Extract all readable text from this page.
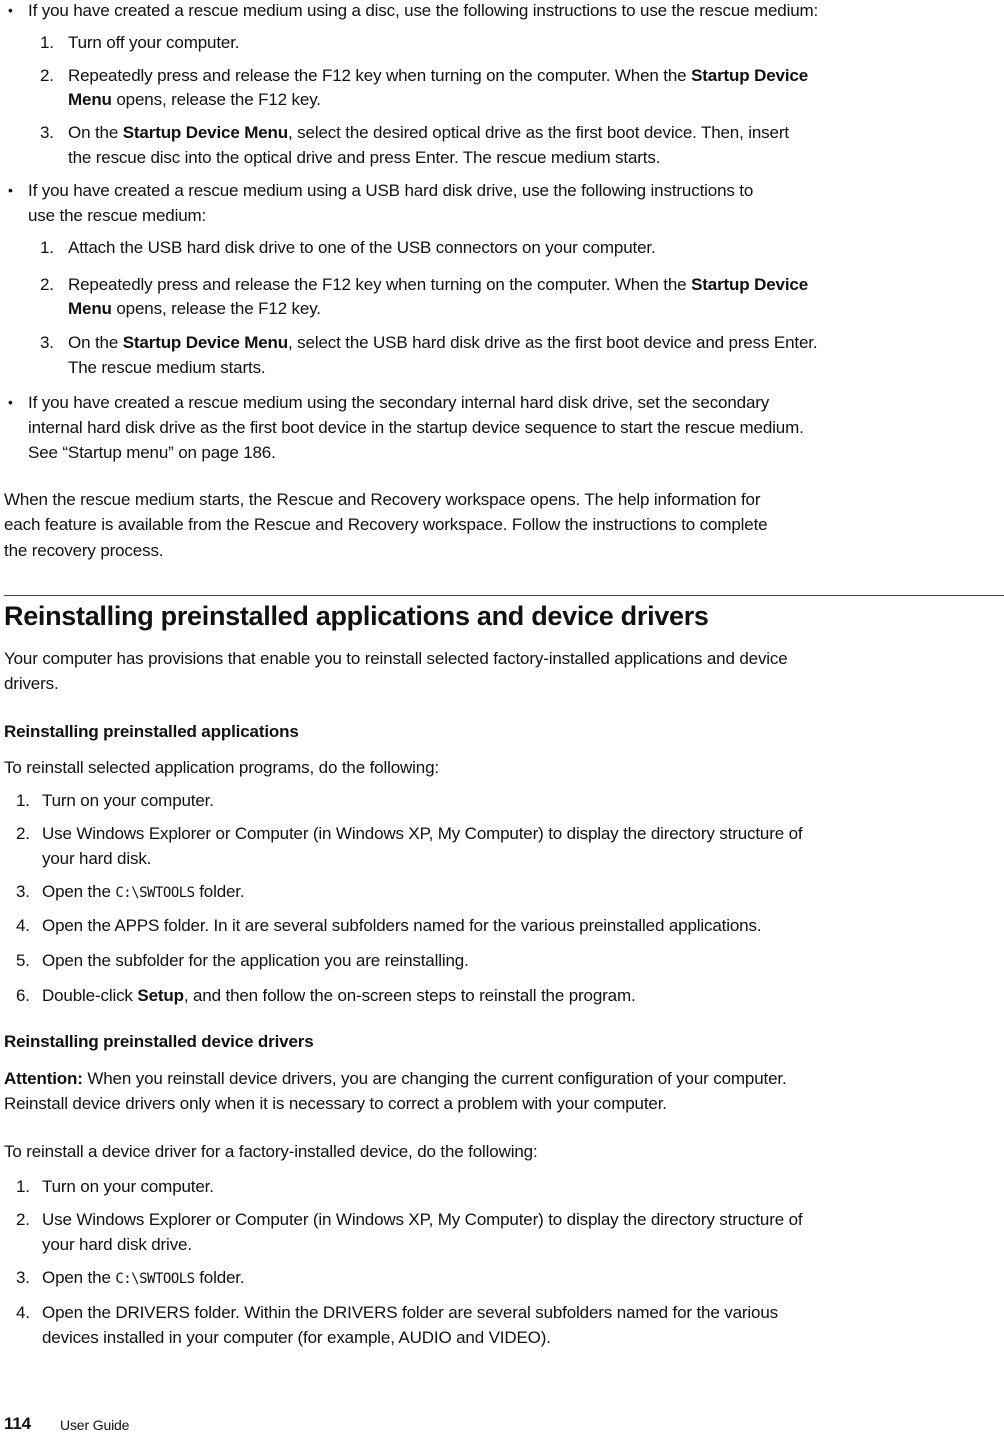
• If you have created a rescue medium using a disc, use the following instructions to use the rescue medium:
1. Turn off your computer.
2. Repeatedly press and release the F12 key when turning on the computer. When the Startup Device
Menu opens, release the F12 key.
3. On the Startup Device Menu, select the desired optical drive as the first boot device. Then, insert
the rescue disc into the optical drive and press Enter. The rescue medium starts.
• If you have created a rescue medium using a USB hard disk drive, use the following instructions to
use the rescue medium:
1. Attach the USB hard disk drive to one of the USB connectors on your computer.
2. Repeatedly press and release the F12 key when turning on the computer. When the Startup Device
Menu opens, release the F12 key.
3. On the Startup Device Menu, select the USB hard disk drive as the first boot device and press Enter.
The rescue medium starts.
• If you have created a rescue medium using the secondary internal hard disk drive, set the secondary
internal hard disk drive as the first boot device in the startup device sequence to start the rescue medium.
See “Startup menu” on page 186.
When the rescue medium starts, the Rescue and Recovery workspace opens. The help information for
each feature is available from the Rescue and Recovery workspace. Follow the instructions to complete
the recovery process.
Reinstalling preinstalled applications and device drivers
Your computer has provisions that enable you to reinstall selected factory-installed applications and device
drivers.
Reinstalling preinstalled applications
To reinstall selected application programs, do the following:
1. Turn on your computer.
2. Use Windows Explorer or Computer (in Windows XP, My Computer) to display the directory structure of
your hard disk.
3. Open the C:\SWTOOLS folder.
4. Open the APPS folder. In it are several subfolders named for the various preinstalled applications.
5. Open the subfolder for the application you are reinstalling.
6. Double-click Setup, and then follow the on-screen steps to reinstall the program.
Reinstalling preinstalled device drivers
Attention: When you reinstall device drivers, you are changing the current configuration of your computer.
Reinstall device drivers only when it is necessary to correct a problem with your computer.
To reinstall a device driver for a factory-installed device, do the following:
1. Turn on your computer.
2. Use Windows Explorer or Computer (in Windows XP, My Computer) to display the directory structure of
your hard disk drive.
3. Open the C:\SWTOOLS folder.
4. Open the DRIVERS folder. Within the DRIVERS folder are several subfolders named for the various
devices installed in your computer (for example, AUDIO and VIDEO).
114 User Guide
